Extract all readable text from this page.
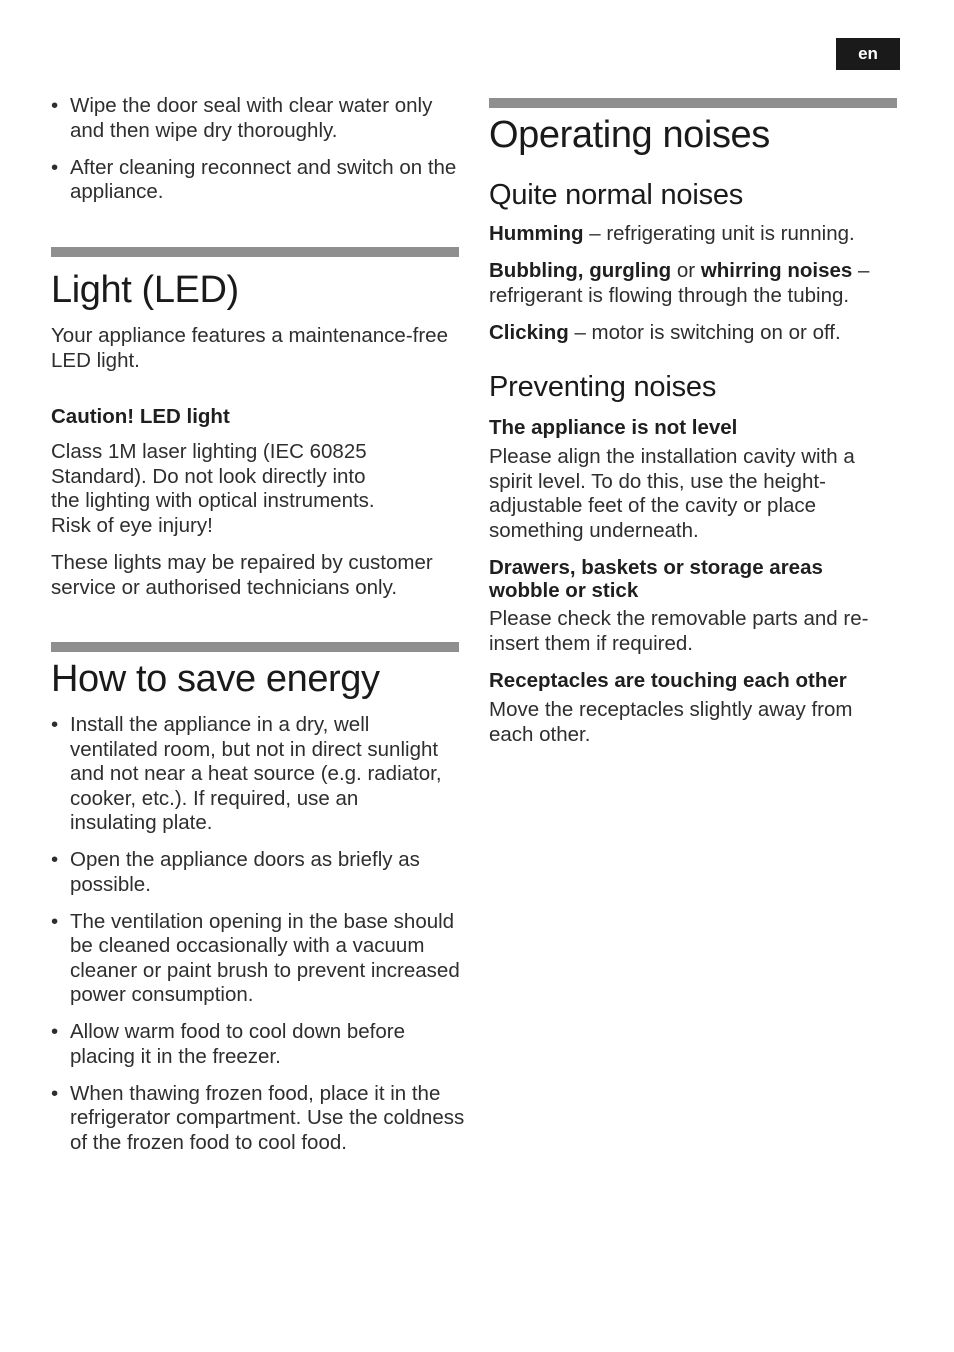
en
• Wipe the door seal with clear water only and then wipe dry thoroughly.
• After cleaning reconnect and switch on the appliance.
Light (LED)

Your appliance features a maintenance-free LED light.

Caution! LED light

Class 1M laser lighting (IEC 60825 Standard). Do not look directly into the lighting with optical instruments. Risk of eye injury!

These lights may be repaired by customer service or authorised technicians only.

How to save energy
• Install the appliance in a dry, well ventilated room, but not in direct sunlight and not near a heat source (e.g. radiator, cooker, etc.). If required, use an insulating plate.
• Open the appliance doors as briefly as possible.
• The ventilation opening in the base should be cleaned occasionally with a vacuum cleaner or paint brush to prevent increased power consumption.
• Allow warm food to cool down before placing it in the freezer.
• When thawing frozen food, place it in the refrigerator compartment. Use the coldness of the frozen food to cool food.
Operating noises
Quite normal noises

Humming – refrigerating unit is running.

Bubbling, gurgling or whirring noises – refrigerant is flowing through the tubing.

Clicking – motor is switching on or off.

Preventing noises
The appliance is not level

Please align the installation cavity with a spirit level. To do this, use the height-adjustable feet of the cavity or place something underneath.

Drawers, baskets or storage areas wobble or stick

Please check the removable parts and re-insert them if required.

Receptacles are touching each other

Move the receptacles slightly away from each other.
